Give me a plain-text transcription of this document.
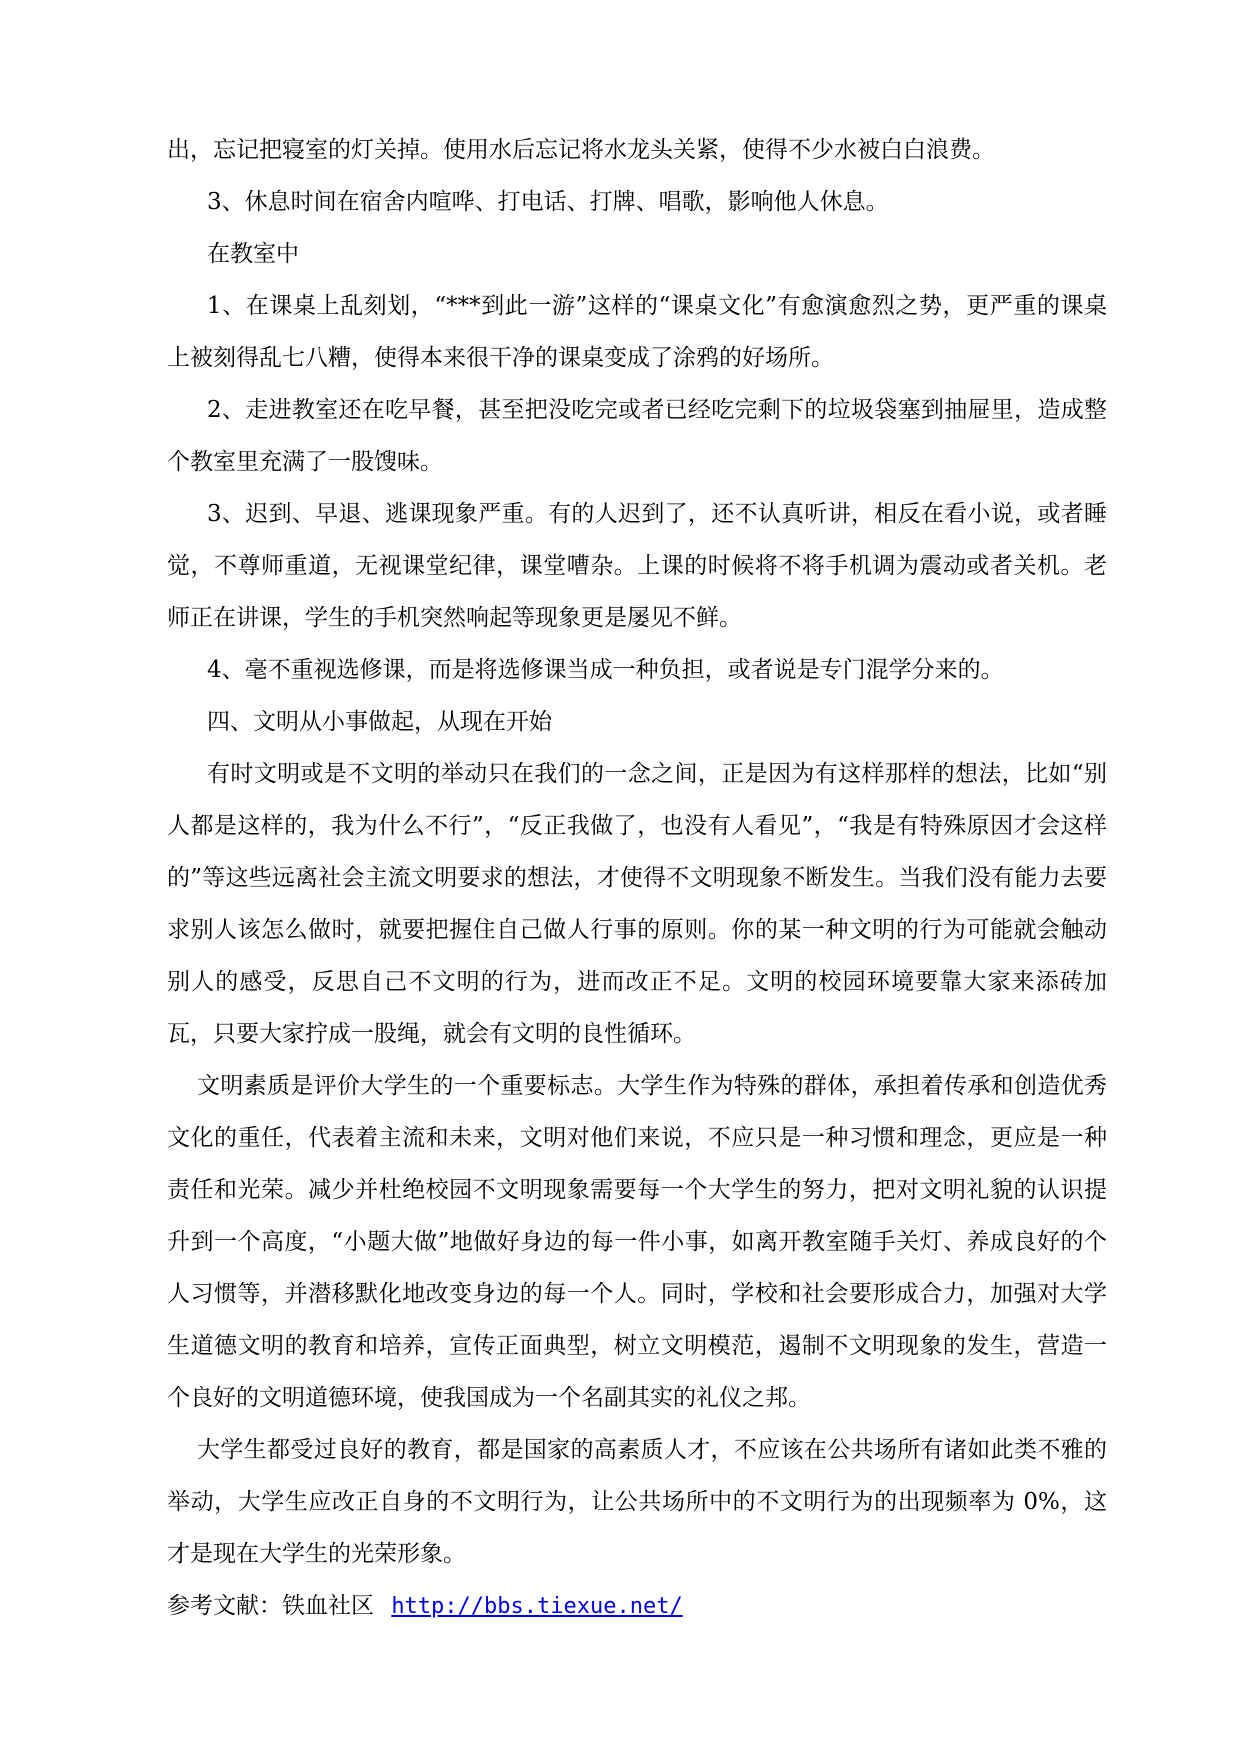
出，忘记把寝室的灯关掉。使用水后忘记将水龙头关紧，使得不少水被白白浪费。

3、休息时间在宿舍内喧哗、打电话、打牌、唱歌，影响他人休息。

在教室中

1、在课桌上乱刻划，“***到此一游”这样的“课桌文化”有愈演愈烈之势，更严重的课桌上被刻得乱七八糟，使得本来很干净的课桌变成了涂鸦的好场所。

2、走进教室还在吃早餐，甚至把没吃完或者已经吃完剩下的垃圾袋塞到抽屉里，造成整个教室里充满了一股馊味。

3、迟到、早退、逃课现象严重。有的人迟到了，还不认真听讲，相反在看小说，或者睡觉，不尊师重道，无视课堂纪律，课堂嘈杂。上课的时候将不将手机调为震动或者关机。老师正在讲课，学生的手机突然响起等现象更是屡见不鲜。

4、毫不重视选修课，而是将选修课当成一种负担，或者说是专门混学分来的。

四、文明从小事做起，从现在开始

有时文明或是不文明的举动只在我们的一念之间，正是因为有这样那样的想法，比如“别人都是这样的，我为什么不行”，“反正我做了，也没有人看见”，“我是有特殊原因才会这样的”等这些远离社会主流文明要求的想法，才使得不文明现象不断发生。当我们没有能力去要求别人该怎么做时，就要把握住自己做人行事的原则。你的某一种文明的行为可能就会触动别人的感受，反思自己不文明的行为，进而改正不足。文明的校园环境要靠大家来添砖加瓦，只要大家拧成一股绳，就会有文明的良性循环。

文明素质是评价大学生的一个重要标志。大学生作为特殊的群体，承担着传承和创造优秀文化的重任，代表着主流和未来，文明对他们来说，不应只是一种习惯和理念，更应是一种责任和光荣。减少并杜绝校园不文明现象需要每一个大学生的努力，把对文明礼貌的认识提升到一个高度，“小题大做”地做好身边的每一件小事，如离开教室随手关灯、养成良好的个人习惯等，并潜移默化地改变身边的每一个人。同时，学校和社会要形成合力，加强对大学生道德文明的教育和培养，宣传正面典型，树立文明模范，遏制不文明现象的发生，营造一个良好的文明道德环境，使我国成为一个名副其实的礼仪之邦。

大学生都受过良好的教育，都是国家的高素质人才，不应该在公共场所有诸如此类不雅的举动，大学生应改正自身的不文明行为，让公共场所中的不文明行为的出现频率为 0%，这才是现在大学生的光荣形象。

参考文献：铁血社区 http://bbs.tiexue.net/
